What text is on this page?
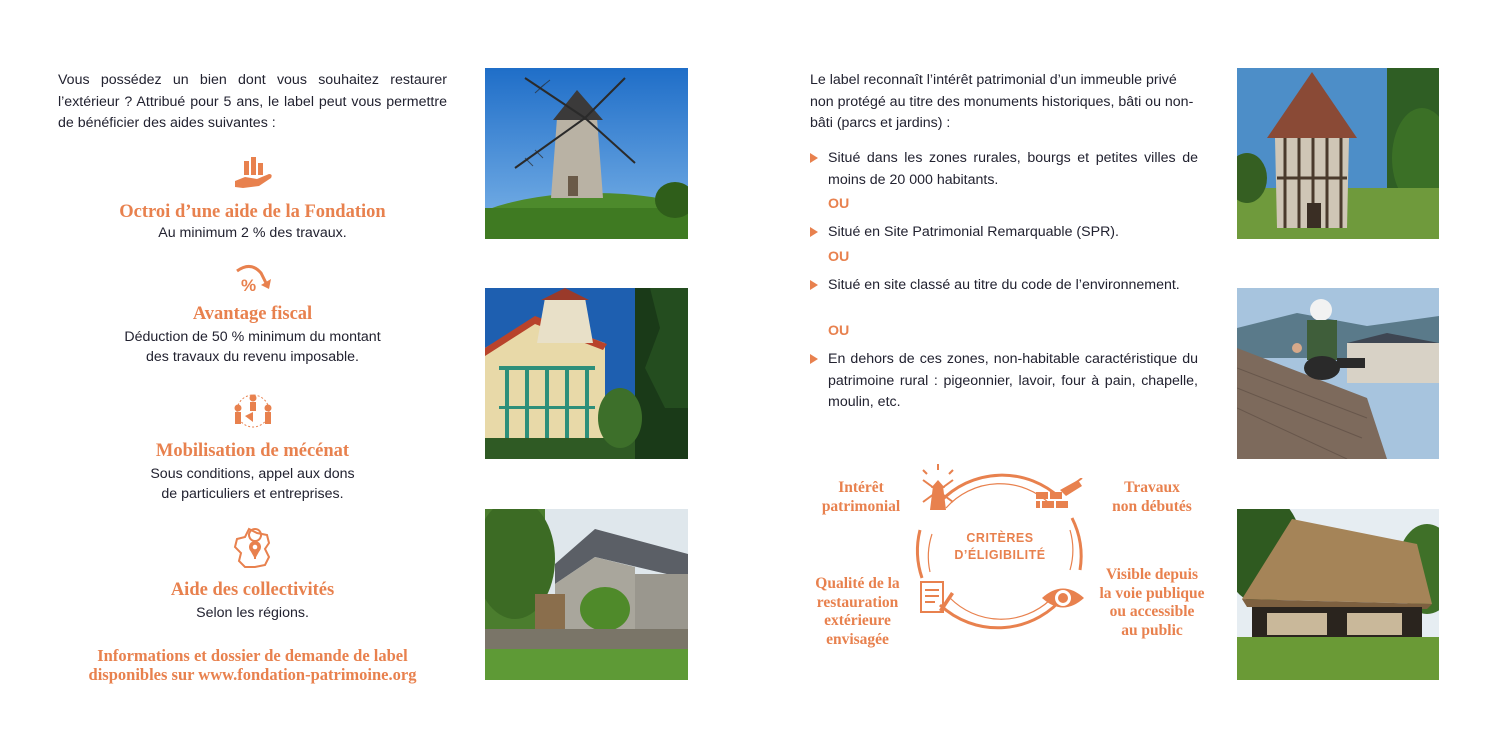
Vous possédez un bien dont vous souhaitez restaurer l’extérieur ? Attribué pour 5 ans, le label peut vous permettre de bénéficier des aides suivantes :
Octroi d’une aide de la Fondation
Au minimum 2 % des travaux.
%
Avantage fiscal
Déduction de 50 % minimum du montant
des travaux du revenu imposable.
Mobilisation de mécénat
Sous conditions, appel aux dons
de particuliers et entreprises.
Aide des collectivités
Selon les régions.
Informations et dossier de demande de label
disponibles sur www.fondation-patrimoine.org
Le label reconnaît l’intérêt patrimonial d’un immeuble privé non protégé au titre des monuments historiques, bâti ou non-bâti (parcs et jardins) :
Situé dans les zones rurales, bourgs et petites villes de moins de 20 000 habitants.
OU
Situé en Site Patrimonial Remarquable (SPR).
OU
Situé en site classé au titre du code de l’environnement.
OU
En dehors de ces zones, non-habitable caractéristique du patrimoine rural : pigeonnier, lavoir, four à pain, chapelle, moulin, etc.
CRITÈRES
D’ÉLIGIBILITÉ
Intérêt
patrimonial
Travaux
non débutés
Visible depuis
la voie publique
ou accessible
au public
Qualité de la
restauration
extérieure
envisagée
